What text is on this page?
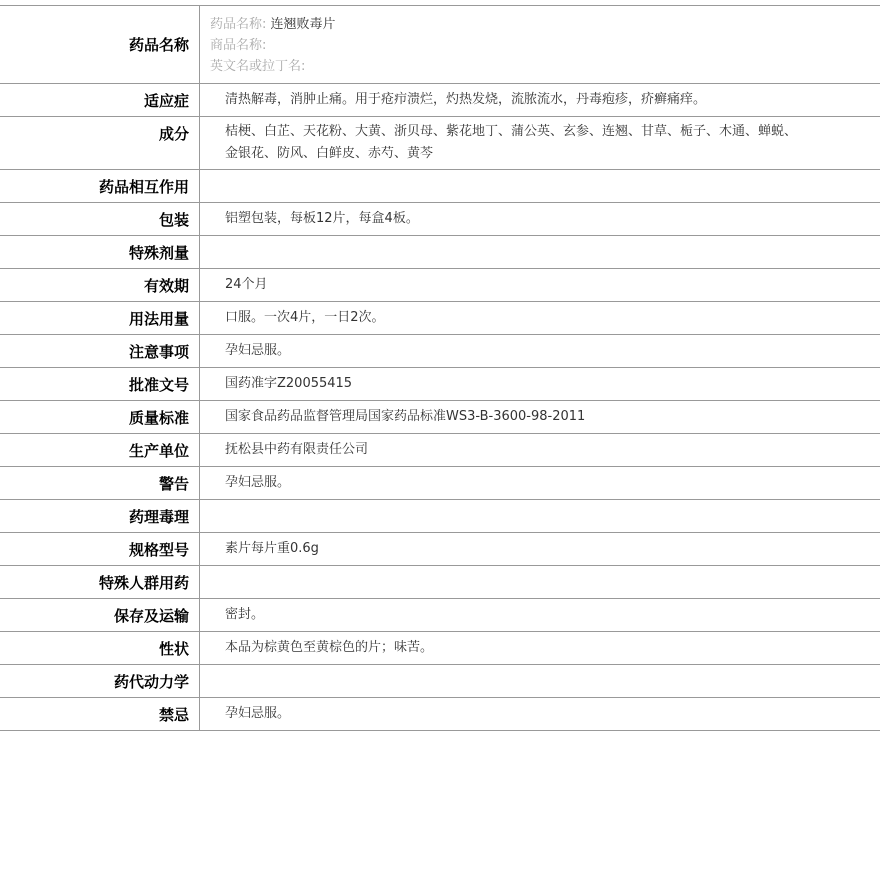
药品名称
药品名称: 连翘败毒片
商品名称:
英文名或拉丁名:
适应症	清热解毒，消肿止痛。用于疮疖溃烂，灼热发烧，流脓流水，丹毒疱疹，疥癣痛痒。
成分	桔梗、白芷、天花粉、大黄、浙贝母、紫花地丁、蒲公英、玄参、连翘、甘草、栀子、木通、蝉蜕、金银花、防风、白鲜皮、赤芍、黄芩
药品相互作用
包装	铝塑包装，每板12片，每盒4板。
特殊剂量
有效期	24个月
用法用量	口服。一次4片，一日2次。
注意事项	孕妇忌服。
批准文号	国药准字Z20055415
质量标准	国家食品药品监督管理局国家药品标准WS3-B-3600-98-2011
生产单位	抚松县中药有限责任公司
警告	孕妇忌服。
药理毒理
规格型号	素片每片重0.6g
特殊人群用药
保存及运输	密封。
性状	本品为棕黄色至黄棕色的片；味苦。
药代动力学
禁忌	孕妇忌服。
